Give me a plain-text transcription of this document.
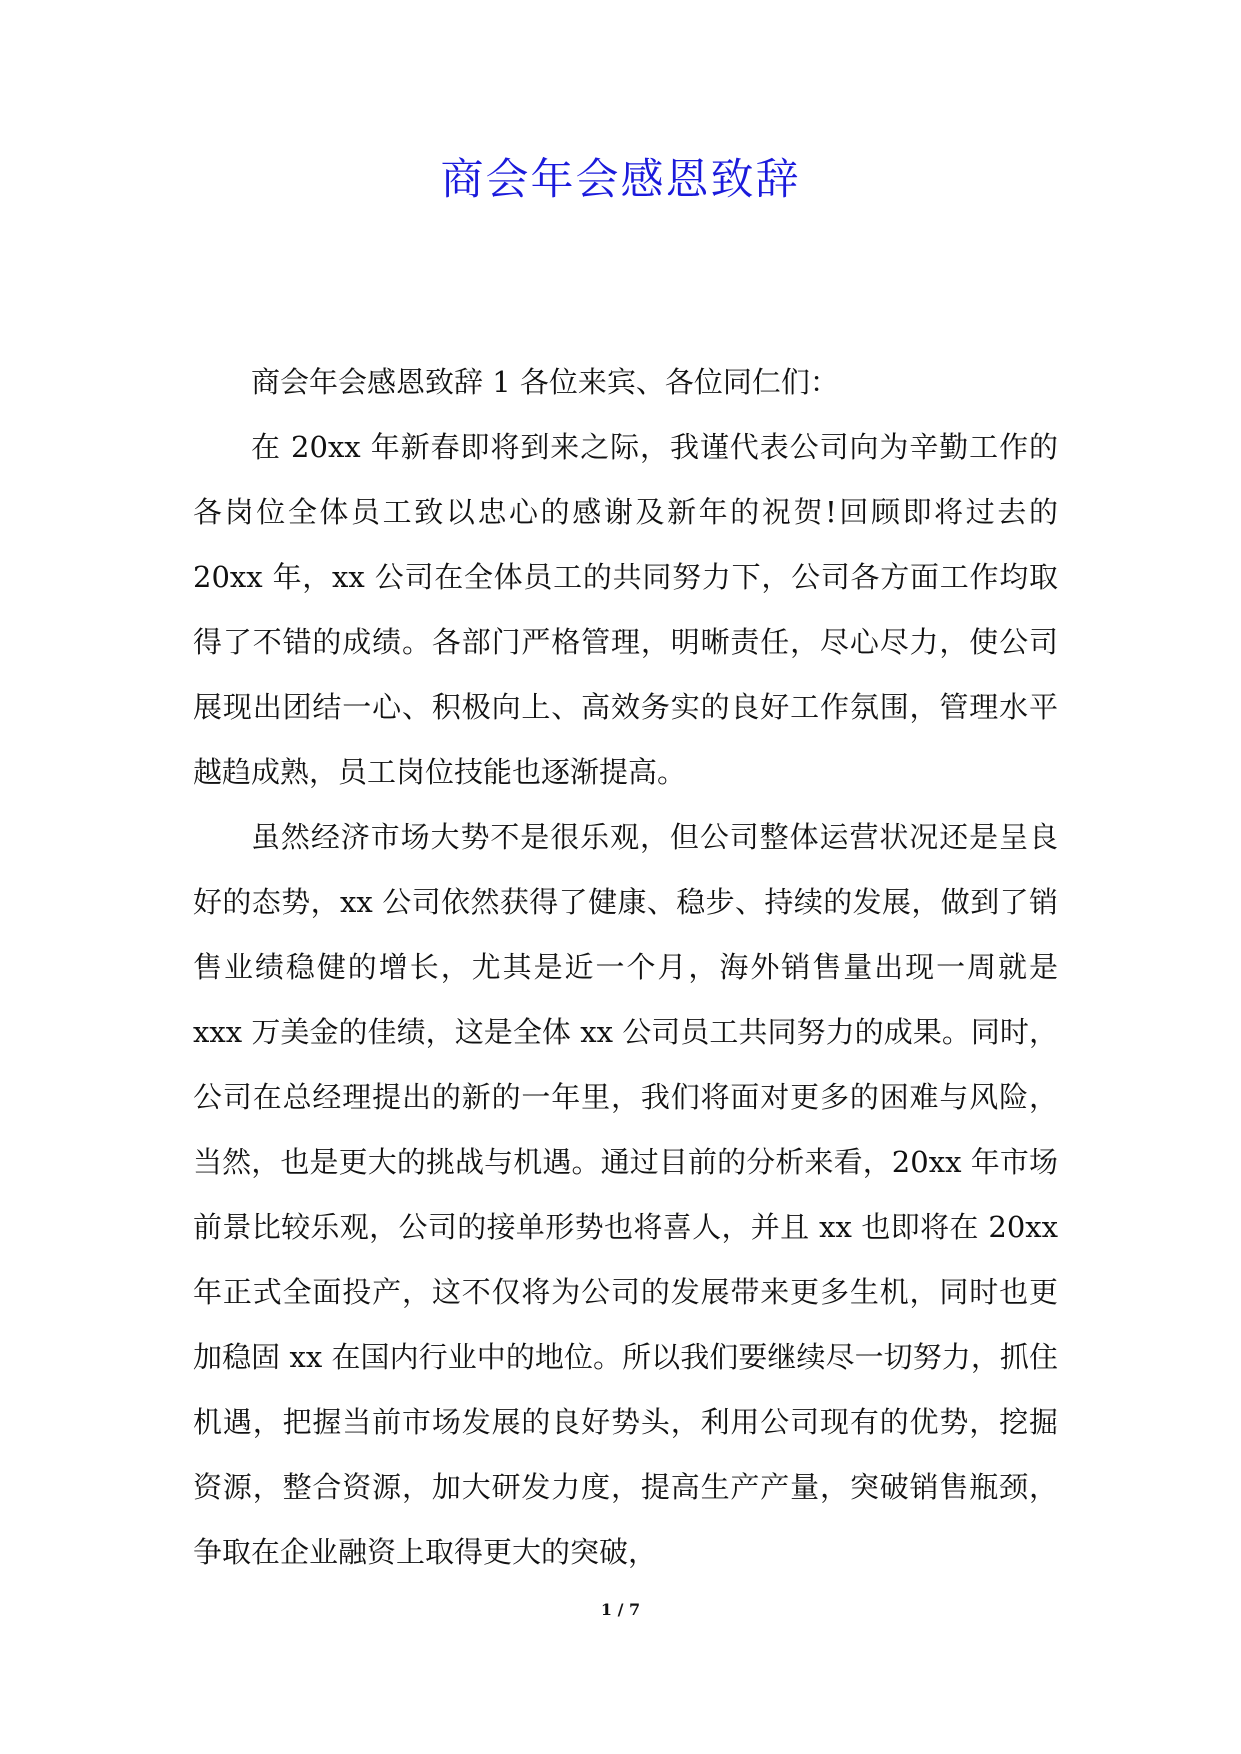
商会年会感恩致辞

商会年会感恩致辞 1 各位来宾、各位同仁们：

在 20xx 年新春即将到来之际，我谨代表公司向为辛勤工作的各岗位全体员工致以忠心的感谢及新年的祝贺!回顾即将过去的 20xx 年，xx 公司在全体员工的共同努力下，公司各方面工作均取得了不错的成绩。各部门严格管理，明晰责任，尽心尽力，使公司展现出团结一心、积极向上、高效务实的良好工作氛围，管理水平越趋成熟，员工岗位技能也逐渐提高。

虽然经济市场大势不是很乐观，但公司整体运营状况还是呈良好的态势，xx 公司依然获得了健康、稳步、持续的发展，做到了销售业绩稳健的增长，尤其是近一个月，海外销售量出现一周就是 xxx 万美金的佳绩，这是全体 xx 公司员工共同努力的成果。同时，公司在总经理提出的新的一年里，我们将面对更多的困难与风险，当然，也是更大的挑战与机遇。通过目前的分析来看，20xx 年市场前景比较乐观，公司的接单形势也将喜人，并且 xx 也即将在 20xx 年正式全面投产，这不仅将为公司的发展带来更多生机，同时也更加稳固 xx 在国内行业中的地位。所以我们要继续尽一切努力，抓住机遇，把握当前市场发展的良好势头，利用公司现有的优势，挖掘资源，整合资源，加大研发力度，提高生产产量，突破销售瓶颈，争取在企业融资上取得更大的突破，

1 / 7
